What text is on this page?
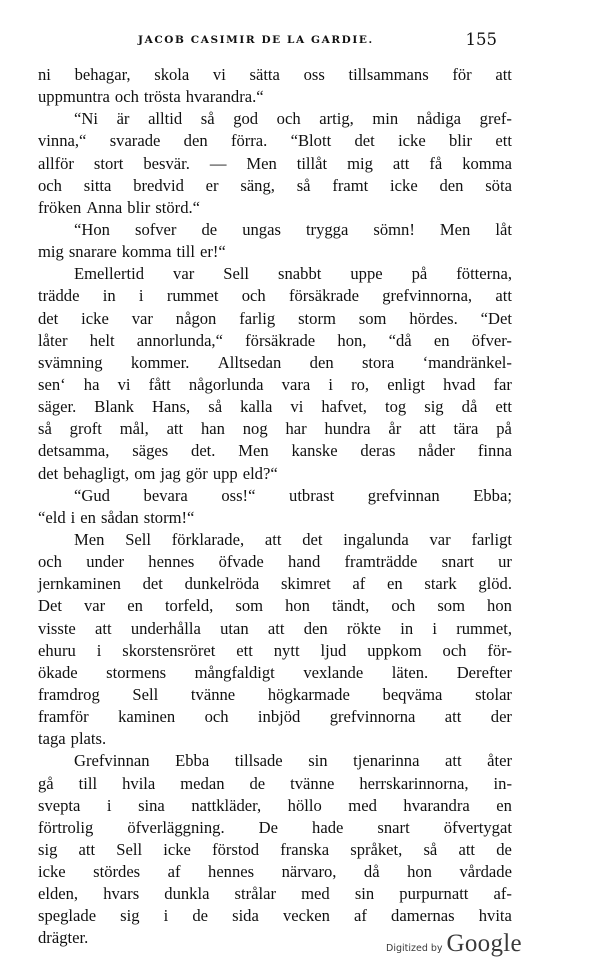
JACOB CASIMIR DE LA GARDIE.	155
ni behagar, skola vi sätta oss tillsammans för att
uppmuntra och trösta hvarandra.“
“Ni är alltid så god och artig, min nådiga gref-
vinna,“ svarade den förra. “Blott det icke blir ett
allför stort besvär. — Men tillåt mig att få komma
och sitta bredvid er säng, så framt icke den söta
fröken Anna blir störd.“
“Hon sofver de ungas trygga sömn! Men låt
mig snarare komma till er!“
Emellertid var Sell snabbt uppe på fötterna,
trädde in i rummet och försäkrade grefvinnorna, att
det icke var någon farlig storm som hördes. “Det
låter helt annorlunda,“ försäkrade hon, “då en öfver-
svämning kommer. Alltsedan den stora ‘mandränkel-
sen‘ ha vi fått någorlunda vara i ro, enligt hvad far
säger. Blank Hans, så kalla vi hafvet, tog sig då ett
så groft mål, att han nog har hundra år att tära på
detsamma, säges det. Men kanske deras nåder finna
det behagligt, om jag gör upp eld?“
“Gud bevara oss!“ utbrast grefvinnan Ebba;
“eld i en sådan storm!“
Men Sell förklarade, att det ingalunda var farligt
och under hennes öfvade hand framträdde snart ur
jernkaminen det dunkelröda skimret af en stark glöd.
Det var en torfeld, som hon tändt, och som hon
visste att underhålla utan att den rökte in i rummet,
ehuru i skorstensröret ett nytt ljud uppkom och för-
ökade stormens mångfaldigt vexlande läten. Derefter
framdrog Sell tvänne högkarmade beqväma stolar
framför kaminen och inbjöd grefvinnorna att der
taga plats.
Grefvinnan Ebba tillsade sin tjenarinna att åter
gå till hvila medan de tvänne herrskarinnorna, in-
svepta i sina nattkläder, höllo med hvarandra en
förtrolig öfverläggning. De hade snart öfvertygat
sig att Sell icke förstod franska språket, så att de
icke stördes af hennes närvaro, då hon vårdade
elden, hvars dunkla strålar med sin purpurnatt af-
speglade sig i de sida vecken af damernas hvita
drägter.
Digitized by Google
